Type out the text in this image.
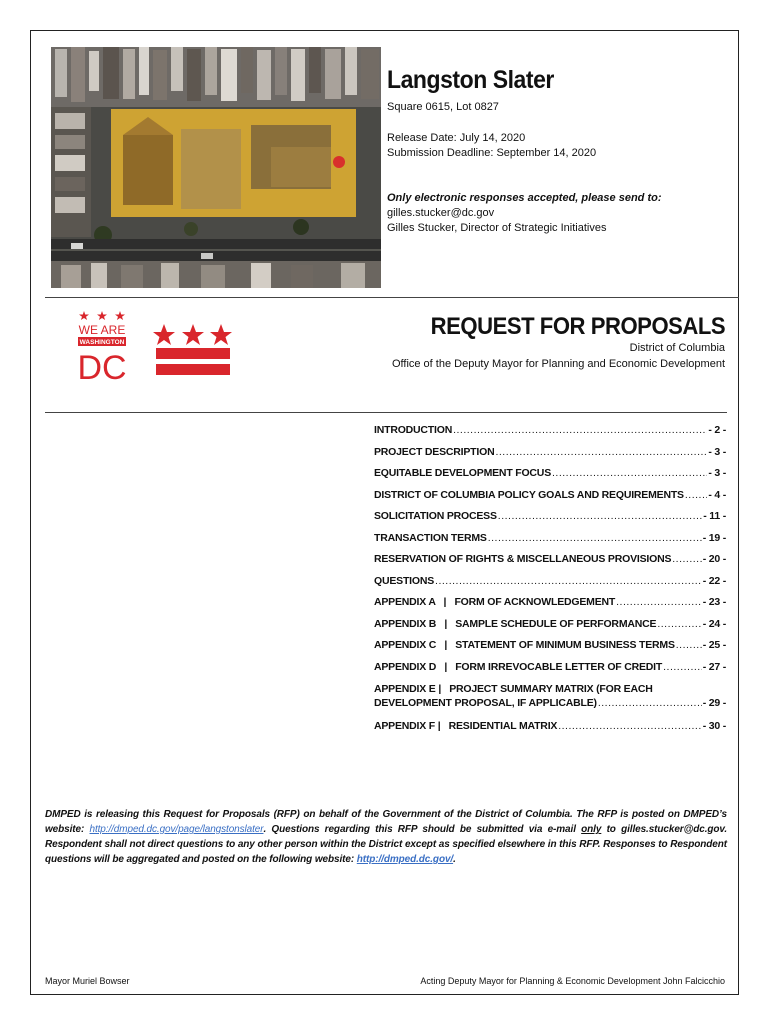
Langston Slater

Square 0615, Lot 0827

Release Date: July 14, 2020

Submission Deadline: September 14, 2020

Only electronic responses accepted, please send to:

gilles.stucker@dc.gov

Gilles Stucker, Director of Strategic Initiatives

WE ARE
WASHINGTON
DC
REQUEST FOR PROPOSALS
District of Columbia
Office of the Deputy Mayor for Planning and Economic Development
INTRODUCTION .....	- 2 -
PROJECT DESCRIPTION .....	- 3 -
EQUITABLE DEVELOPMENT FOCUS .....	- 3 -
DISTRICT OF COLUMBIA POLICY GOALS AND REQUIREMENTS ..... - 4 -
SOLICITATION PROCESS .....	- 11 -
TRANSACTION TERMS .....	- 19 -
RESERVATION OF RIGHTS & MISCELLANEOUS PROVISIONS .....	- 20 -
QUESTIONS .....	- 22 -
APPENDIX A   |   FORM OF ACKNOWLEDGEMENT .....	- 23 -
APPENDIX B   |   SAMPLE SCHEDULE OF PERFORMANCE .....	- 24 -
APPENDIX C   |   STATEMENT OF MINIMUM BUSINESS TERMS .....	- 25 -
APPENDIX D   |   FORM IRREVOCABLE LETTER OF CREDIT .....	- 27 -
APPENDIX E |   PROJECT SUMMARY MATRIX (FOR EACH
DEVELOPMENT PROPOSAL, IF APPLICABLE) .....	- 29 -
APPENDIX F |   RESIDENTIAL MATRIX .....	- 30 -

DMPED is releasing this Request for Proposals (RFP) on behalf of the Government of the District of Columbia. The RFP is posted on DMPED’s website: http://dmped.dc.gov/page/langstonslater. Questions regarding this RFP should be submitted via e-mail only to gilles.stucker@dc.gov. Respondent shall not direct questions to any other person within the District except as specified elsewhere in this RFP. Responses to Respondent questions will be aggregated and posted on the following website: http://dmped.dc.gov/.

Mayor Muriel Bowser	Acting Deputy Mayor for Planning & Economic Development John Falcicchio
